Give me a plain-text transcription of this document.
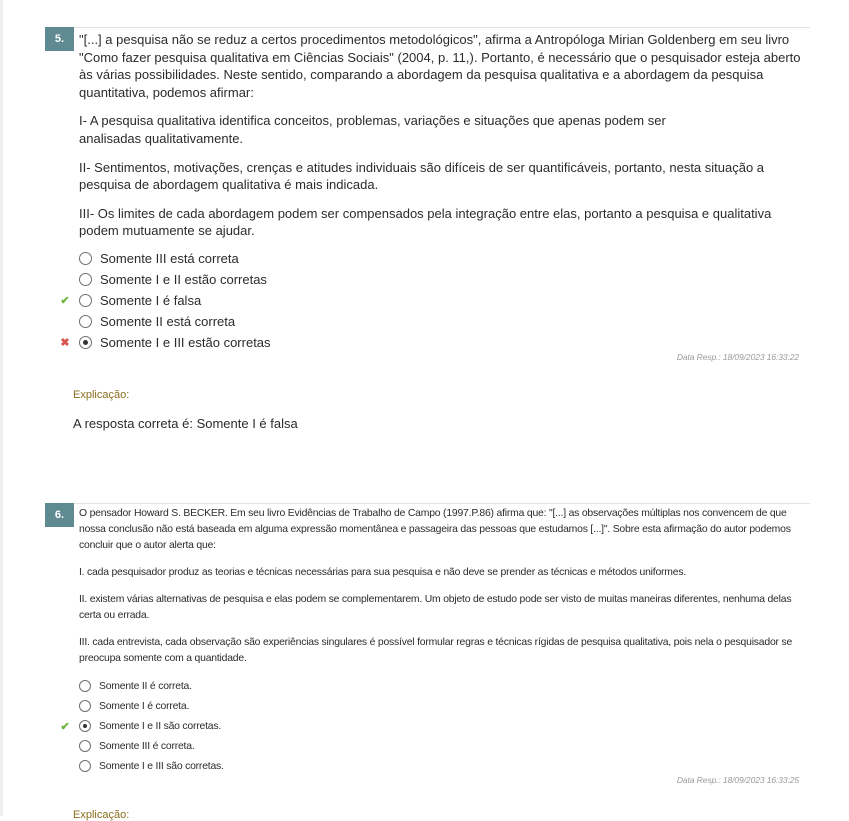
5.	"[...] a pesquisa não se reduz a certos procedimentos metodológicos", afirma a Antropóloga Mirian Goldenberg em seu livro "Como fazer pesquisa qualitativa em Ciências Sociais" (2004, p. 11,). Portanto, é necessário que o pesquisador esteja aberto às várias possibilidades. Neste sentido, comparando a abordagem da pesquisa qualitativa e a abordagem da pesquisa quantitativa, podemos afirmar:

I- A pesquisa qualitativa identifica conceitos, problemas, variações e situações que apenas podem ser analisadas qualitativamente.

II- Sentimentos, motivações, crenças e atitudes individuais são difíceis de ser quantificáveis, portanto, nesta situação a pesquisa de abordagem qualitativa é mais indicada.

III- Os limites de cada abordagem podem ser compensados pela integração entre elas, portanto a pesquisa e qualitativa podem mutuamente se ajudar.

Somente III está correta
Somente I e II estão corretas
✔ Somente I é falsa
Somente II está correta
✖ Somente I e III estão corretas
Data Resp.: 18/09/2023 16:33:22
Explicação:
A resposta correta é: Somente I é falsa
6.	O pensador Howard S. BECKER. Em seu livro Evidências de Trabalho de Campo (1997.P.86) afirma que: "[...] as observações múltiplas nos convencem de que nossa conclusão não está baseada em alguma expressão momentânea e passageira das pessoas que estudamos [...]". Sobre esta afirmação do autor podemos concluir que o autor alerta que:

I. cada pesquisador produz as teorias e técnicas necessárias para sua pesquisa e não deve se prender as técnicas e métodos uniformes.

II. existem várias alternativas de pesquisa e elas podem se complementarem. Um objeto de estudo pode ser visto de muitas maneiras diferentes, nenhuma delas certa ou errada.

III. cada entrevista, cada observação são experiências singulares é possível formular regras e técnicas rígidas de pesquisa qualitativa, pois nela o pesquisador se preocupa somente com a quantidade.

Somente II é correta.
Somente I é correta.
✔	Somente I e II são corretas.
Somente III é correta.
Somente I e III são corretas.
Data Resp.: 18/09/2023 16:33:25
Explicação:
